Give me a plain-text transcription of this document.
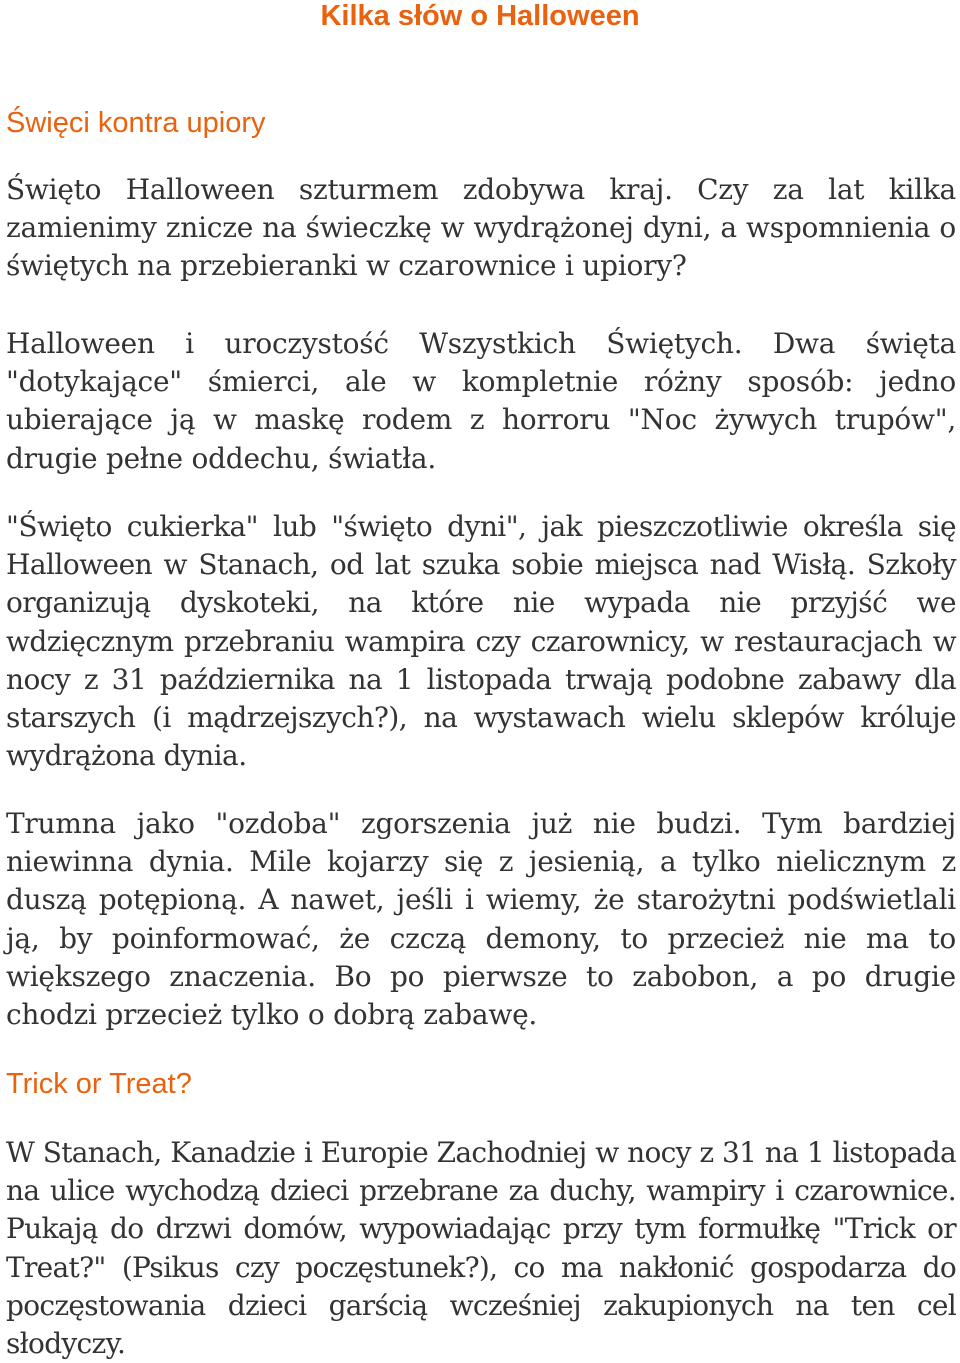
Kilka słów o Halloween
Święci kontra upiory

Święto Halloween szturmem zdobywa kraj. Czy za lat kilka zamienimy znicze na świeczkę w wydrążonej dyni, a wspomnienia o świętych na przebieranki w czarownice i upiory?

Halloween i uroczystość Wszystkich Świętych. Dwa święta "dotykające" śmierci, ale w kompletnie różny sposób: jedno ubierające ją w maskę rodem z horroru "Noc żywych trupów", drugie pełne oddechu, światła.

"Święto cukierka" lub "święto dyni", jak pieszczotliwie określa się Halloween w Stanach, od lat szuka sobie miejsca nad Wisłą. Szkoły organizują dyskoteki, na które nie wypada nie przyjść we wdzięcznym przebraniu wampira czy czarownicy, w restauracjach w nocy z 31 października na 1 listopada trwają podobne zabawy dla starszych (i mądrzejszych?), na wystawach wielu sklepów króluje wydrążona dynia.

Trumna jako "ozdoba" zgorszenia już nie budzi. Tym bardziej niewinna dynia. Mile kojarzy się z jesienią, a tylko nielicznym z duszą potępioną. A nawet, jeśli i wiemy, że starożytni podświetlali ją, by poinformować, że czczą demony, to przecież nie ma to większego znaczenia. Bo po pierwsze to zabobon, a po drugie chodzi przecież tylko o dobrą zabawę.

Trick or Treat?

W Stanach, Kanadzie i Europie Zachodniej w nocy z 31 na 1 listopada na ulice wychodzą dzieci przebrane za duchy, wampiry i czarownice. Pukają do drzwi domów, wypowiadając przy tym formułkę "Trick or Treat?" (Psikus czy poczęstunek?), co ma nakłonić gospodarza do poczęstowania dzieci garścią wcześniej zakupionych na ten cel słodyczy.
